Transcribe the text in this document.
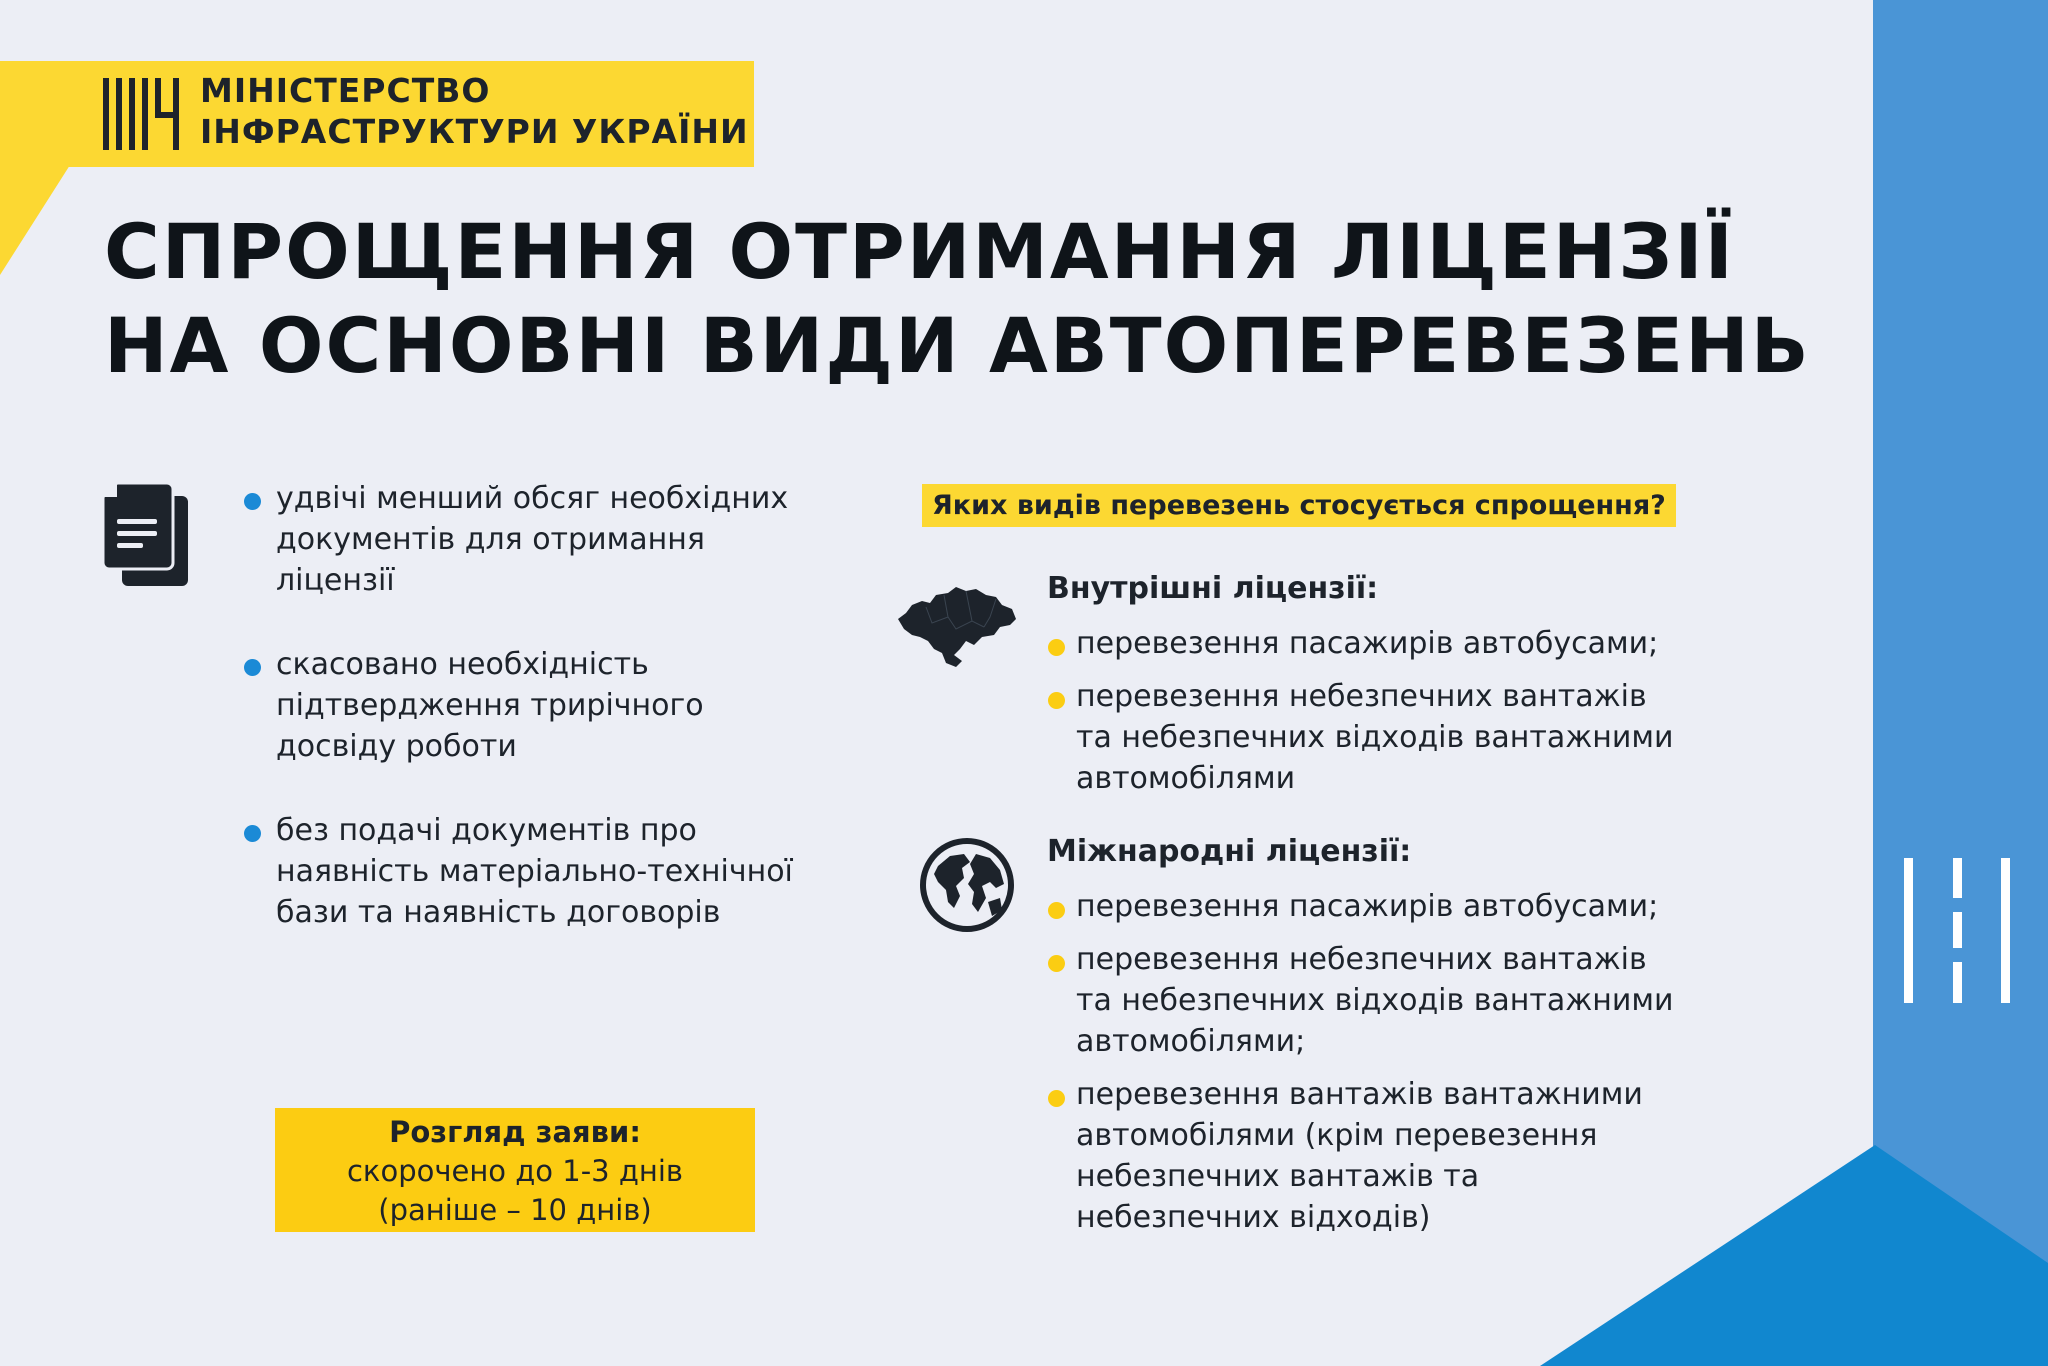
МІНІСТЕРСТВО
ІНФРАСТРУКТУРИ УКРАЇНИ
СПРОЩЕННЯ ОТРИМАННЯ ЛІЦЕНЗІЇ
НА ОСНОВНІ ВИДИ АВТОПЕРЕВЕЗЕНЬ
удвічі менший обсяг необхідних документів для отримання ліцензії
скасовано необхідність підтвердження трирічного досвіду роботи
без подачі документів про наявність матеріально-технічної бази та наявність договорів
Розгляд заяви:
скорочено до 1-3 днів
(раніше – 10 днів)
Яких видів перевезень стосується спрощення?
Внутрішні ліцензії:
перевезення пасажирів автобусами;
перевезення небезпечних вантажів та небезпечних відходів вантажними автомобілями
Міжнародні ліцензії:
перевезення пасажирів автобусами;
перевезення небезпечних вантажів та небезпечних відходів вантажними автомобілями;
перевезення вантажів вантажними автомобілями (крім перевезення небезпечних вантажів та небезпечних відходів)
